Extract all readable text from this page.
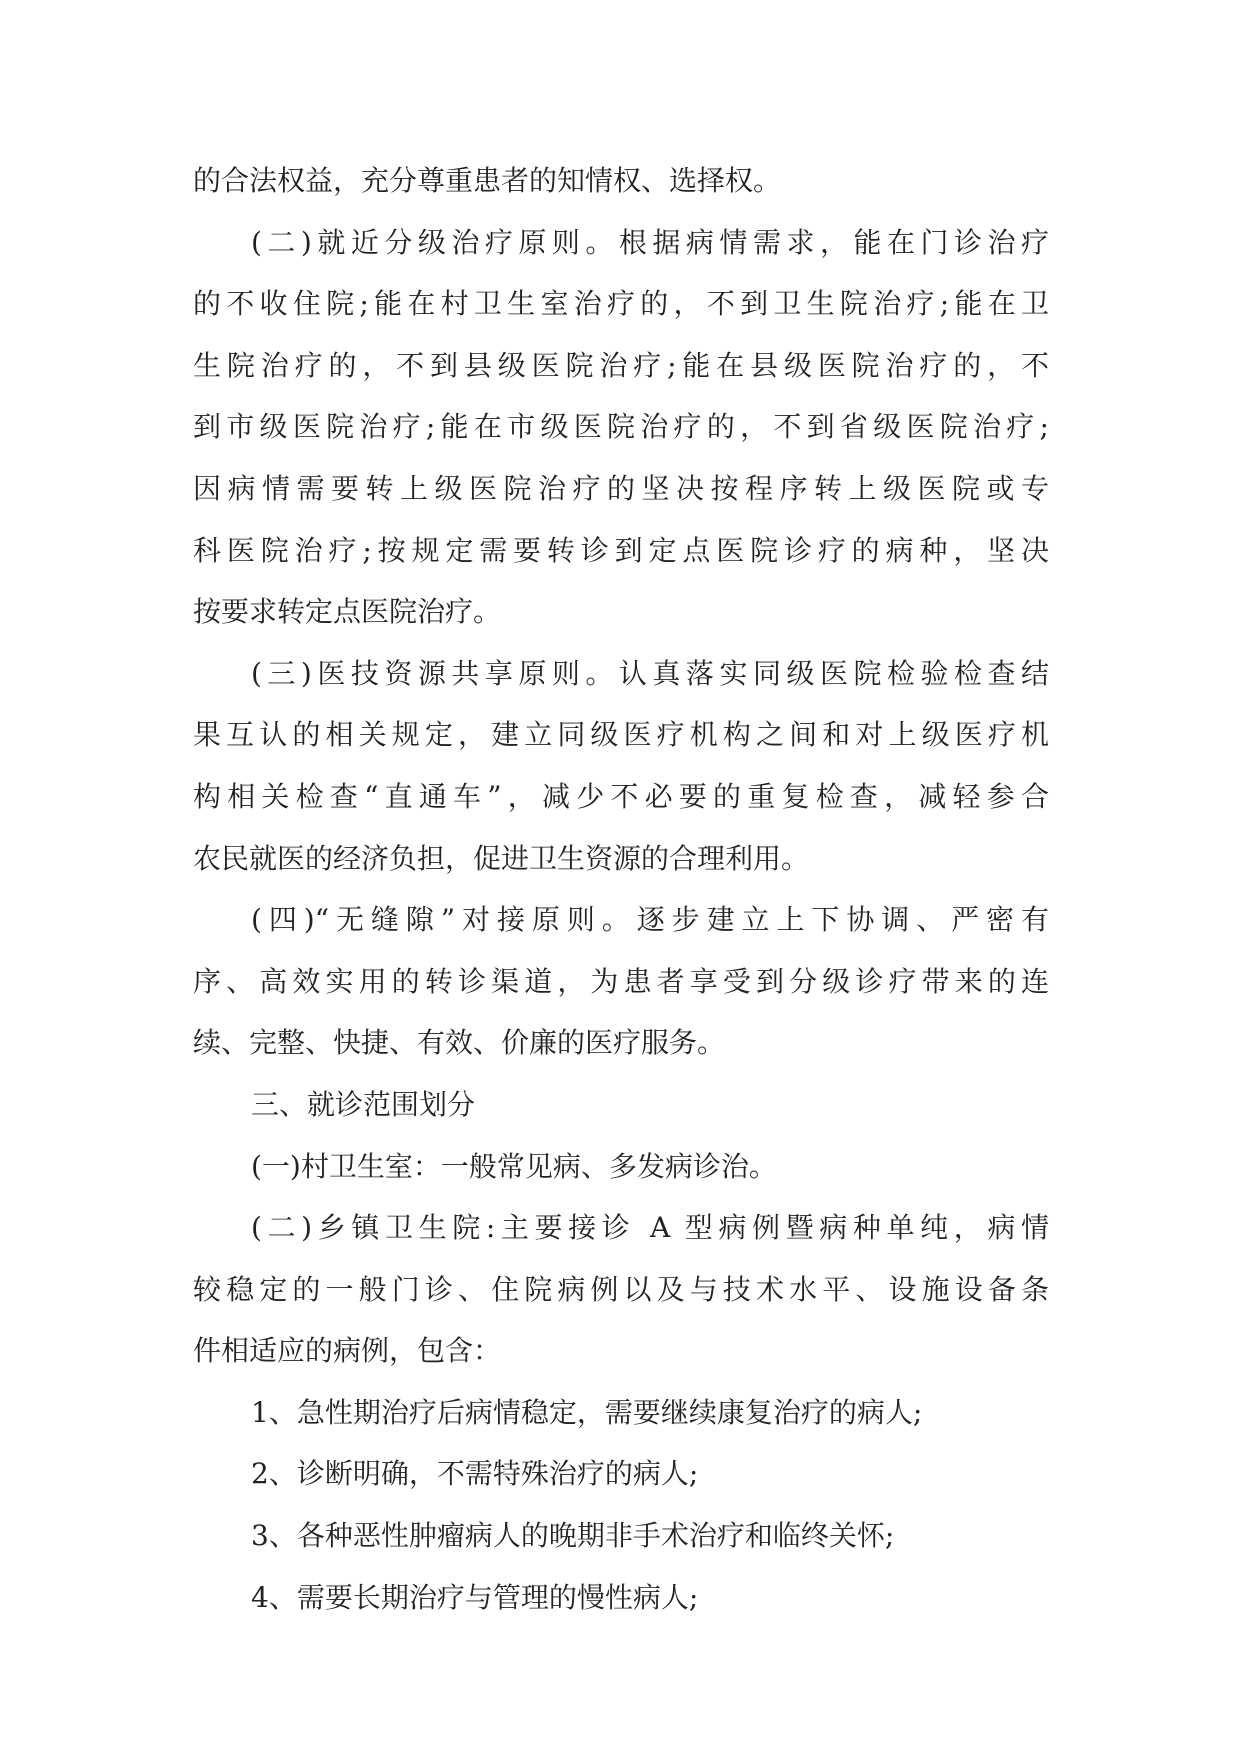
的合法权益，充分尊重患者的知情权、选择权。
(二)就近分级治疗原则。根据病情需求，能在门诊治疗
的不收住院;能在村卫生室治疗的，不到卫生院治疗;能在卫
生院治疗的，不到县级医院治疗;能在县级医院治疗的，不
到市级医院治疗;能在市级医院治疗的，不到省级医院治疗;
因病情需要转上级医院治疗的坚决按程序转上级医院或专
科医院治疗;按规定需要转诊到定点医院诊疗的病种，坚决
按要求转定点医院治疗。
(三)医技资源共享原则。认真落实同级医院检验检查结
果互认的相关规定，建立同级医疗机构之间和对上级医疗机
构相关检查“直通车”，减少不必要的重复检查，减轻参合
农民就医的经济负担，促进卫生资源的合理利用。
(四)“无缝隙”对接原则。逐步建立上下协调、严密有
序、高效实用的转诊渠道，为患者享受到分级诊疗带来的连
续、完整、快捷、有效、价廉的医疗服务。
三、就诊范围划分
(一)村卫生室：一般常见病、多发病诊治。
(二)乡镇卫生院:主要接诊 A 型病例暨病种单纯，病情
较稳定的一般门诊、住院病例以及与技术水平、设施设备条
件相适应的病例，包含：
1、急性期治疗后病情稳定，需要继续康复治疗的病人;
2、诊断明确，不需特殊治疗的病人;
3、各种恶性肿瘤病人的晚期非手术治疗和临终关怀;
4、需要长期治疗与管理的慢性病人;
